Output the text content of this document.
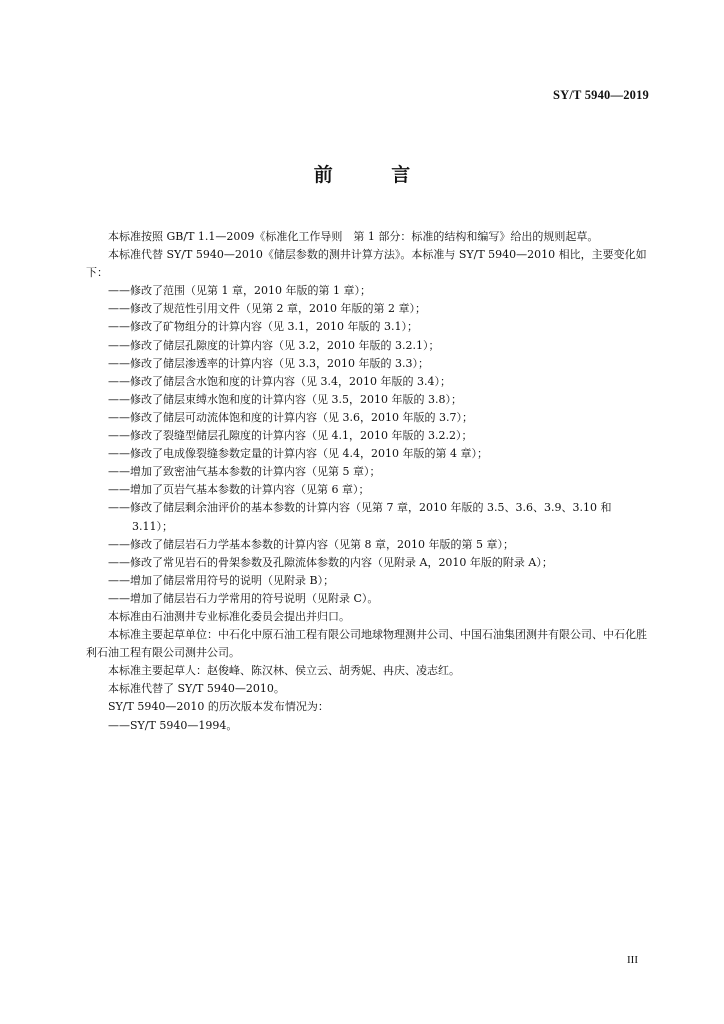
SY/T 5940—2019
前 言

本标准按照 GB/T 1.1—2009《标准化工作导则　第 1 部分：标准的结构和编写》给出的规则起草。

本标准代替 SY/T 5940—2010《储层参数的测井计算方法》。本标准与 SY/T 5940—2010 相比，主要变化如下：

——修改了范围（见第 1 章，2010 年版的第 1 章）；

——修改了规范性引用文件（见第 2 章，2010 年版的第 2 章）；

——修改了矿物组分的计算内容（见 3.1，2010 年版的 3.1）；

——修改了储层孔隙度的计算内容（见 3.2，2010 年版的 3.2.1）；

——修改了储层渗透率的计算内容（见 3.3，2010 年版的 3.3）；

——修改了储层含水饱和度的计算内容（见 3.4，2010 年版的 3.4）；

——修改了储层束缚水饱和度的计算内容（见 3.5，2010 年版的 3.8）；

——修改了储层可动流体饱和度的计算内容（见 3.6，2010 年版的 3.7）；

——修改了裂缝型储层孔隙度的计算内容（见 4.1，2010 年版的 3.2.2）；

——修改了电成像裂缝参数定量的计算内容（见 4.4，2010 年版的第 4 章）；

——增加了致密油气基本参数的计算内容（见第 5 章）；

——增加了页岩气基本参数的计算内容（见第 6 章）；

——修改了储层剩余油评价的基本参数的计算内容（见第 7 章，2010 年版的 3.5、3.6、3.9、3.10 和 3.11）；

——修改了储层岩石力学基本参数的计算内容（见第 8 章，2010 年版的第 5 章）；

——修改了常见岩石的骨架参数及孔隙流体参数的内容（见附录 A，2010 年版的附录 A）；

——增加了储层常用符号的说明（见附录 B）；

——增加了储层岩石力学常用的符号说明（见附录 C）。

本标准由石油测井专业标准化委员会提出并归口。

本标准主要起草单位：中石化中原石油工程有限公司地球物理测井公司、中国石油集团测井有限公司、中石化胜利石油工程有限公司测井公司。

本标准主要起草人：赵俊峰、陈汉林、侯立云、胡秀妮、冉庆、凌志红。

本标准代替了 SY/T 5940—2010。

SY/T 5940—2010 的历次版本发布情况为：

——SY/T 5940—1994。

III
